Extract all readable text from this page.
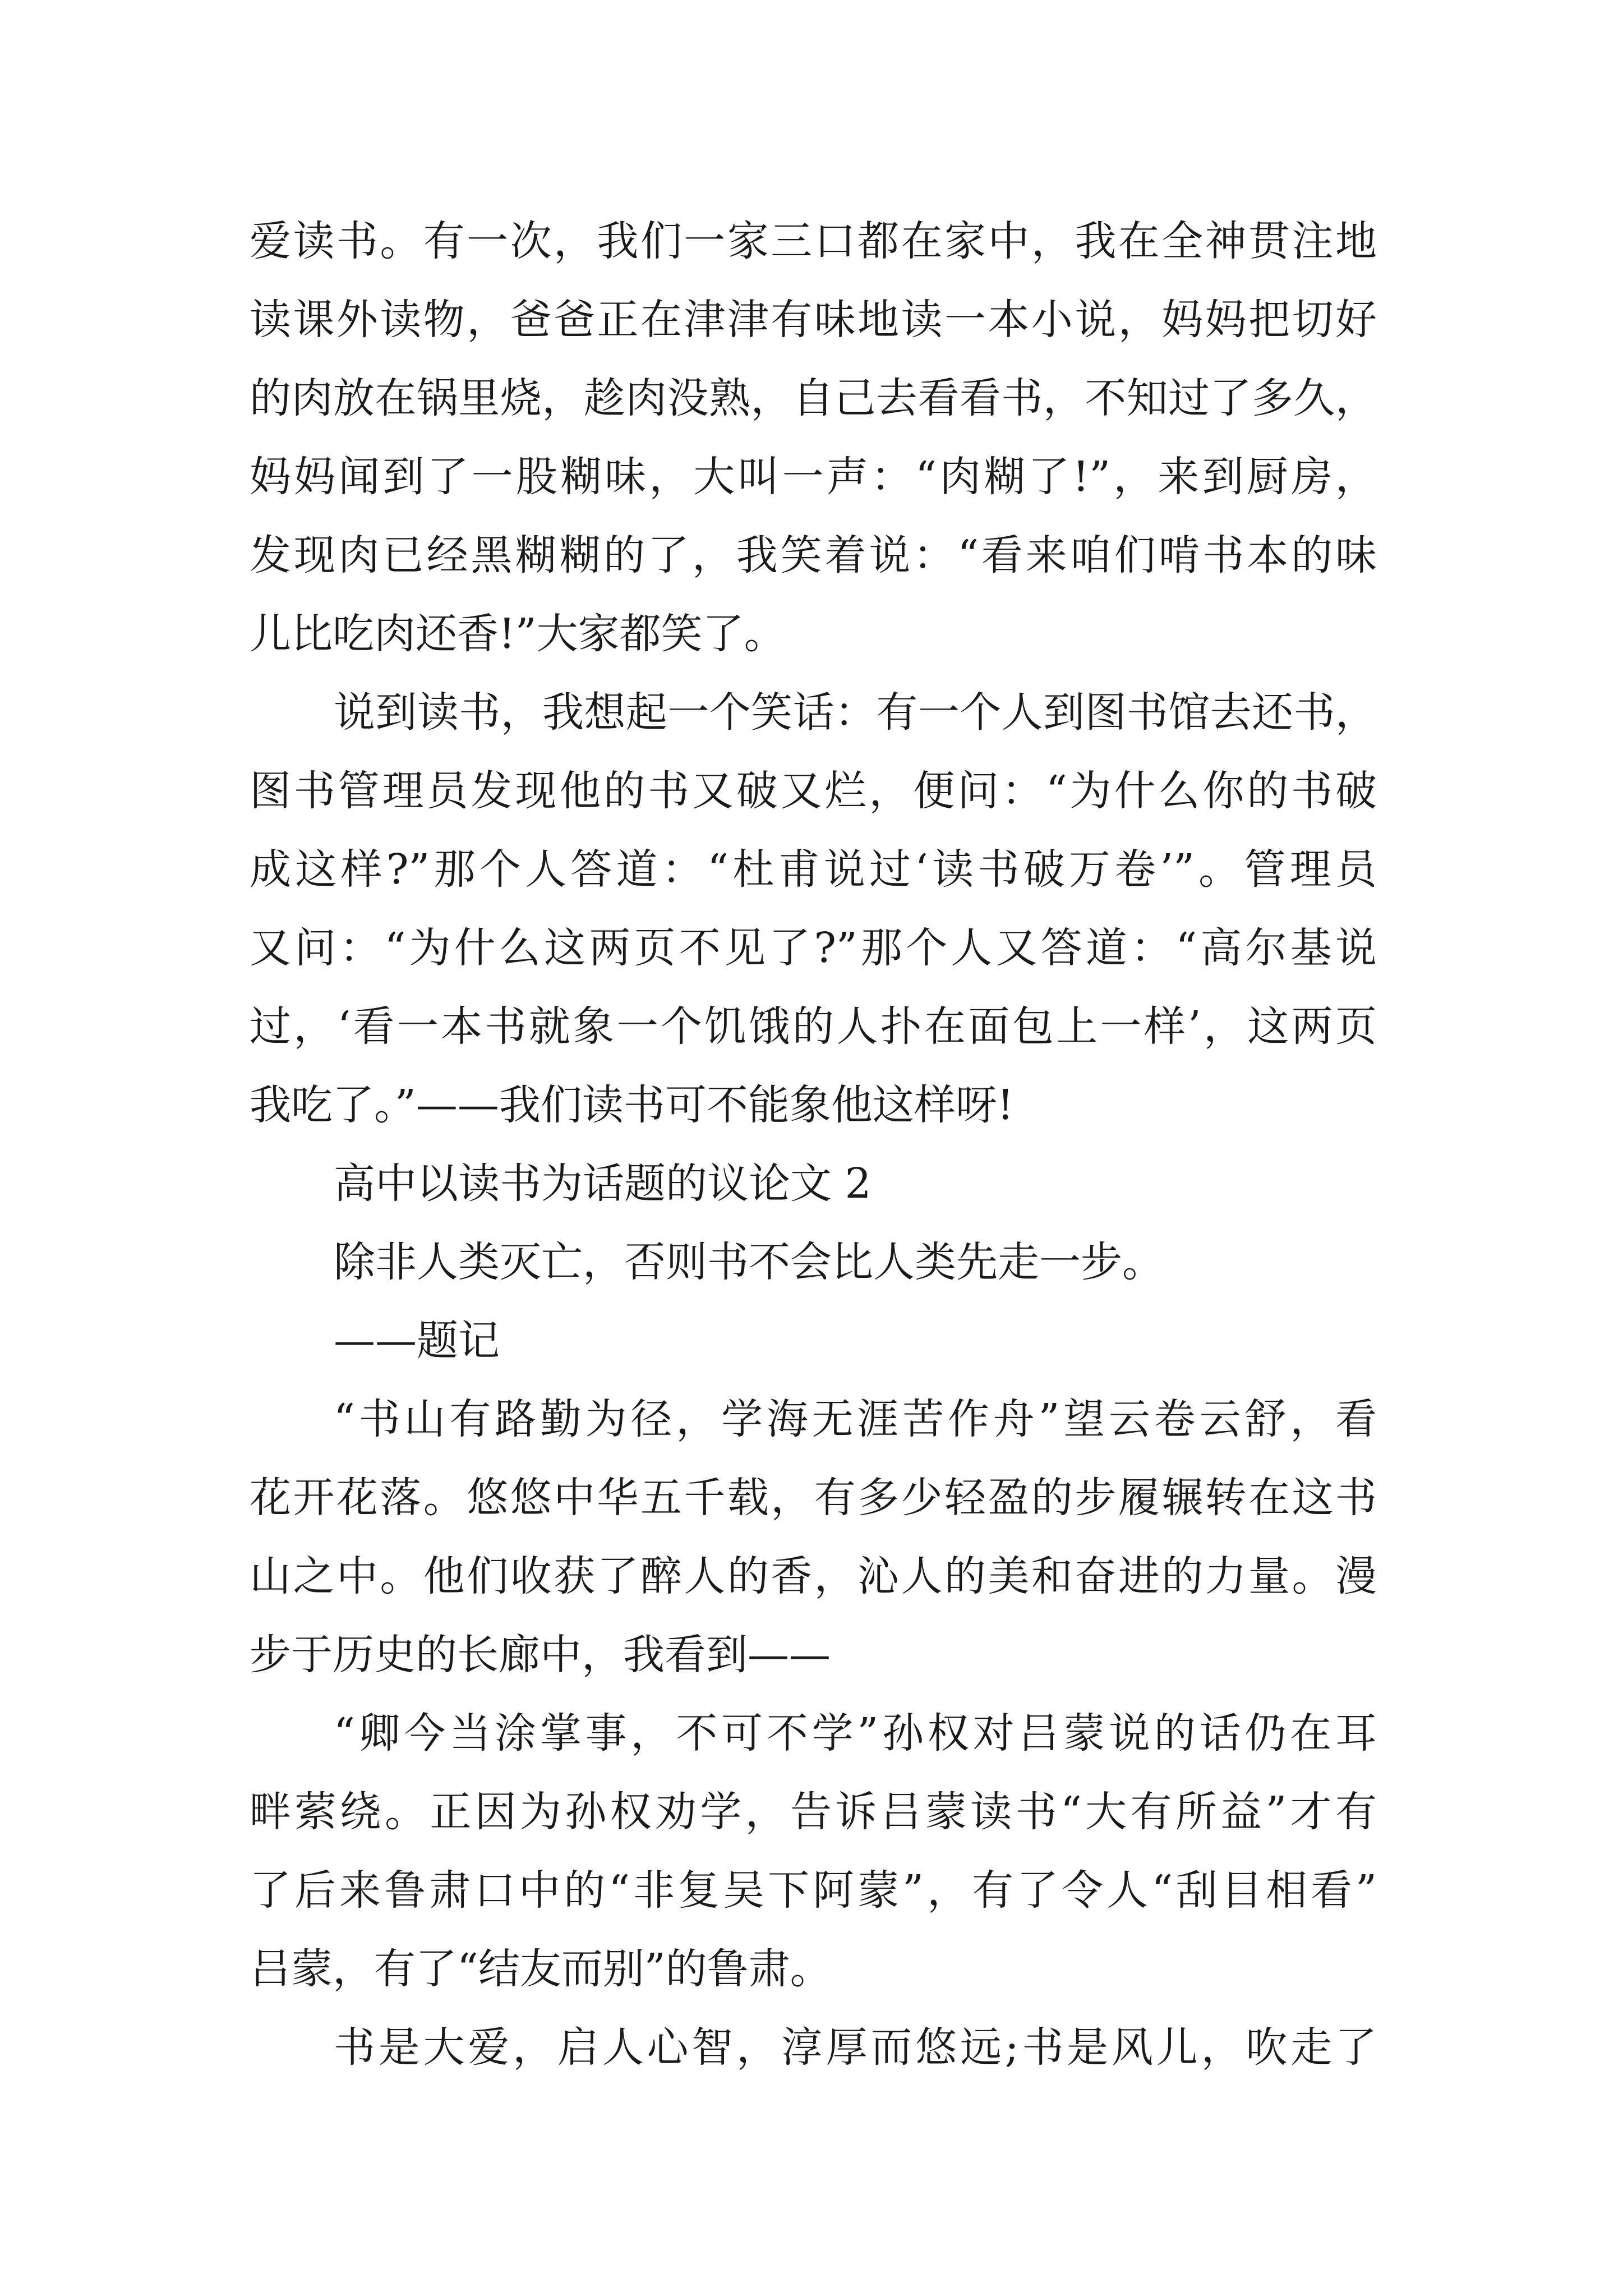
爱读书。有一次，我们一家三口都在家中，我在全神贯注地
读课外读物，爸爸正在津津有味地读一本小说，妈妈把切好
的肉放在锅里烧，趁肉没熟，自己去看看书，不知过了多久，
妈妈闻到了一股糊味，大叫一声：“肉糊了!”，来到厨房，
发现肉已经黑糊糊的了，我笑着说：“看来咱们啃书本的味
儿比吃肉还香!”大家都笑了。
说到读书，我想起一个笑话：有一个人到图书馆去还书，
图书管理员发现他的书又破又烂，便问：“为什么你的书破
成这样?”那个人答道：“杜甫说过‘读书破万卷’”。管理员
又问：“为什么这两页不见了?”那个人又答道：“高尔基说
过，‘看一本书就象一个饥饿的人扑在面包上一样’，这两页
我吃了。”——我们读书可不能象他这样呀!
高中以读书为话题的议论文 2
除非人类灭亡，否则书不会比人类先走一步。
——题记
“书山有路勤为径，学海无涯苦作舟”望云卷云舒，看
花开花落。悠悠中华五千载，有多少轻盈的步履辗转在这书
山之中。他们收获了醉人的香，沁人的美和奋进的力量。漫
步于历史的长廊中，我看到——
“卿今当涂掌事，不可不学”孙权对吕蒙说的话仍在耳
畔萦绕。正因为孙权劝学，告诉吕蒙读书“大有所益”才有
了后来鲁肃口中的“非复吴下阿蒙”，有了令人“刮目相看”
吕蒙，有了“结友而别”的鲁肃。
书是大爱，启人心智，淳厚而悠远;书是风儿，吹走了
